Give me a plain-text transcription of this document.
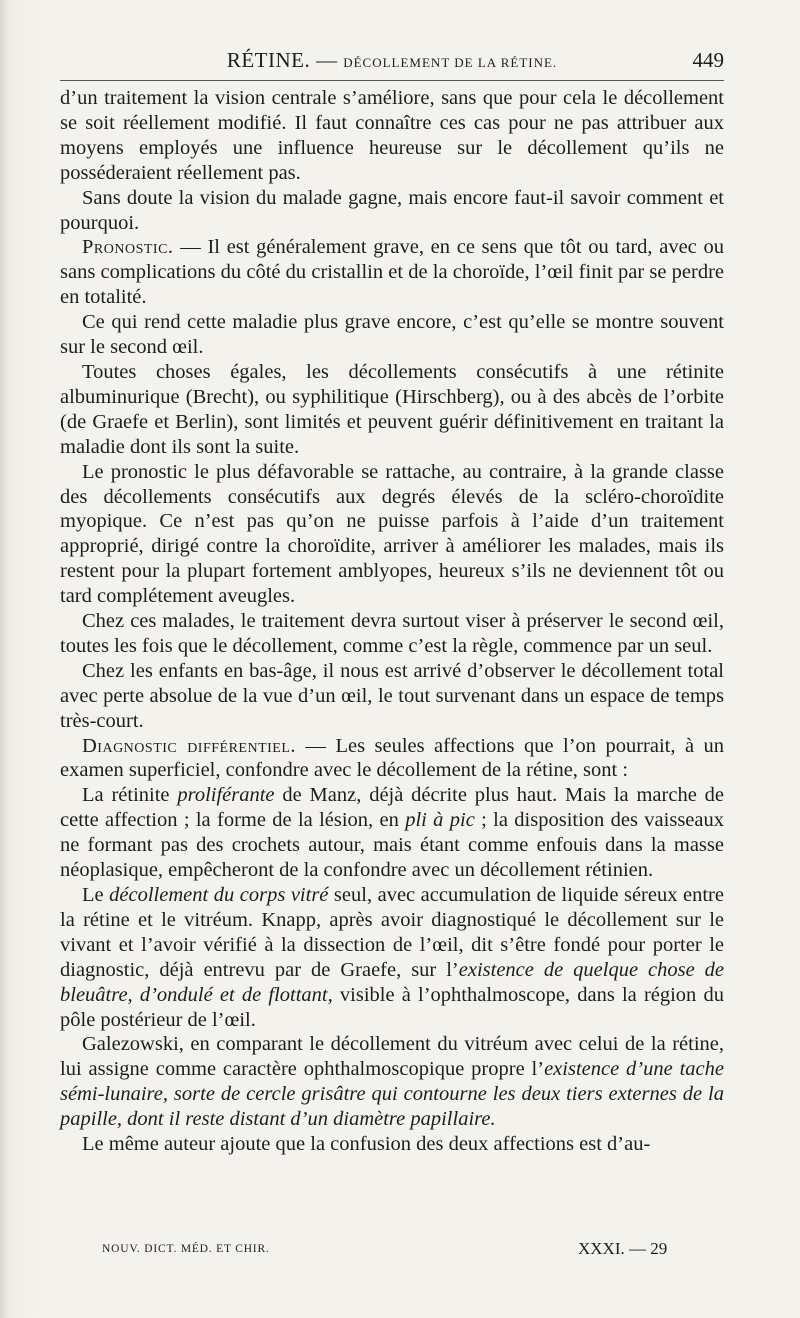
RÉTINE. — DÉCOLLEMENT DE LA RÉTINE.	449

d’un traitement la vision centrale s’améliore, sans que pour cela le décollement se soit réellement modifié. Il faut connaître ces cas pour ne pas attribuer aux moyens employés une influence heureuse sur le décollement qu’ils ne posséderaient réellement pas.

Sans doute la vision du malade gagne, mais encore faut-il savoir comment et pourquoi.

Pronostic. — Il est généralement grave, en ce sens que tôt ou tard, avec ou sans complications du côté du cristallin et de la choroïde, l’œil finit par se perdre en totalité.

Ce qui rend cette maladie plus grave encore, c’est qu’elle se montre souvent sur le second œil.

Toutes choses égales, les décollements consécutifs à une rétinite albuminurique (Brecht), ou syphilitique (Hirschberg), ou à des abcès de l’orbite (de Graefe et Berlin), sont limités et peuvent guérir définitivement en traitant la maladie dont ils sont la suite.

Le pronostic le plus défavorable se rattache, au contraire, à la grande classe des décollements consécutifs aux degrés élevés de la scléro-choroïdite myopique. Ce n’est pas qu’on ne puisse parfois à l’aide d’un traitement approprié, dirigé contre la choroïdite, arriver à améliorer les malades, mais ils restent pour la plupart fortement amblyopes, heureux s’ils ne deviennent tôt ou tard complétement aveugles.

Chez ces malades, le traitement devra surtout viser à préserver le second œil, toutes les fois que le décollement, comme c’est la règle, commence par un seul.

Chez les enfants en bas-âge, il nous est arrivé d’observer le décollement total avec perte absolue de la vue d’un œil, le tout survenant dans un espace de temps très-court.

Diagnostic différentiel. — Les seules affections que l’on pourrait, à un examen superficiel, confondre avec le décollement de la rétine, sont :

La rétinite proliférante de Manz, déjà décrite plus haut. Mais la marche de cette affection ; la forme de la lésion, en pli à pic ; la disposition des vaisseaux ne formant pas des crochets autour, mais étant comme enfouis dans la masse néoplasique, empêcheront de la confondre avec un décollement rétinien.

Le décollement du corps vitré seul, avec accumulation de liquide séreux entre la rétine et le vitréum. Knapp, après avoir diagnostiqué le décollement sur le vivant et l’avoir vérifié à la dissection de l’œil, dit s’être fondé pour porter le diagnostic, déjà entrevu par de Graefe, sur l’existence de quelque chose de bleuâtre, d’ondulé et de flottant, visible à l’ophthalmoscope, dans la région du pôle postérieur de l’œil.

Galezowski, en comparant le décollement du vitréum avec celui de la rétine, lui assigne comme caractère ophthalmoscopique propre l’existence d’une tache sémi-lunaire, sorte de cercle grisâtre qui contourne les deux tiers externes de la papille, dont il reste distant d’un diamètre papillaire.

Le même auteur ajoute que la confusion des deux affections est d’au-

NOUV. DICT. MÉD. ET CHIR.	XXXI. — 29
